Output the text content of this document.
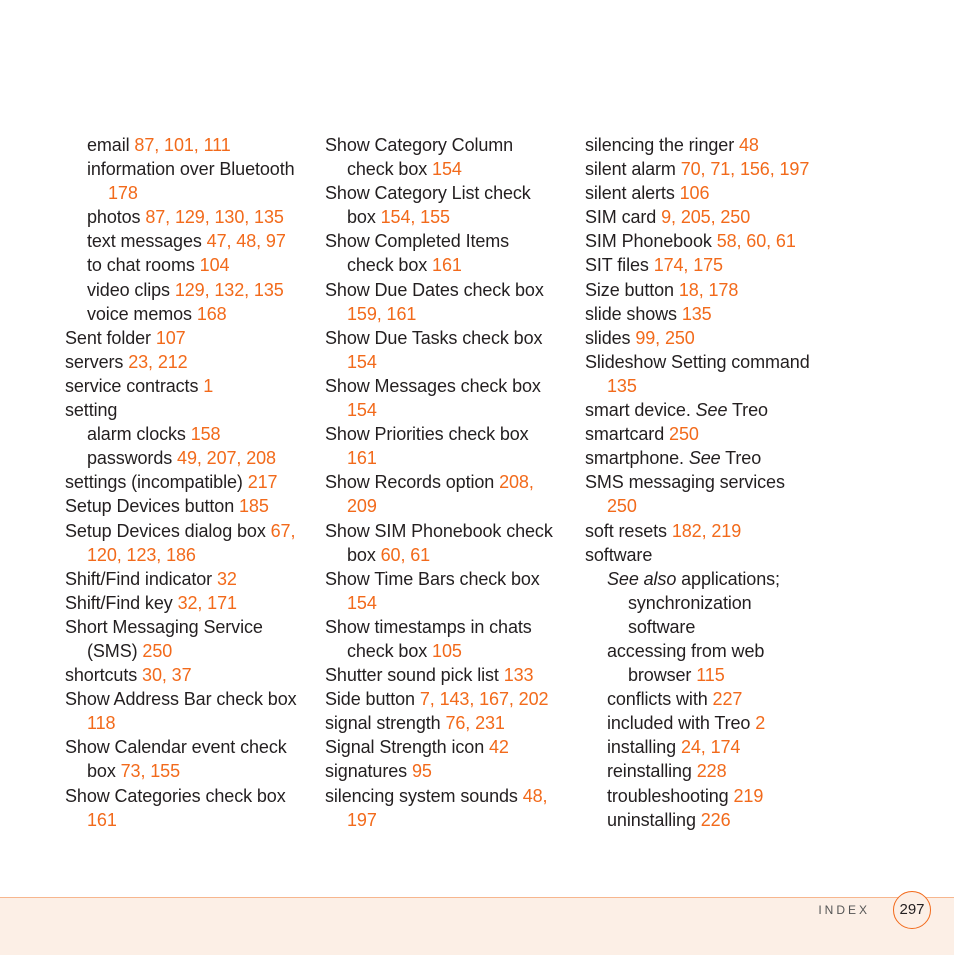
email 87, 101, 111
information over Bluetooth
178
photos 87, 129, 130, 135
text messages 47, 48, 97
to chat rooms 104
video clips 129, 132, 135
voice memos 168
Sent folder 107
servers 23, 212
service contracts 1
setting
alarm clocks 158
passwords 49, 207, 208
settings (incompatible) 217
Setup Devices button 185
Setup Devices dialog box 67,
120, 123, 186
Shift/Find indicator 32
Shift/Find key 32, 171
Short Messaging Service
(SMS) 250
shortcuts 30, 37
Show Address Bar check box
118
Show Calendar event check
box 73, 155
Show Categories check box
161
Show Category Column
check box 154
Show Category List check
box 154, 155
Show Completed Items
check box 161
Show Due Dates check box
159, 161
Show Due Tasks check box
154
Show Messages check box
154
Show Priorities check box
161
Show Records option 208,
209
Show SIM Phonebook check
box 60, 61
Show Time Bars check box
154
Show timestamps in chats
check box 105
Shutter sound pick list 133
Side button 7, 143, 167, 202
signal strength 76, 231
Signal Strength icon 42
signatures 95
silencing system sounds 48,
197
silencing the ringer 48
silent alarm 70, 71, 156, 197
silent alerts 106
SIM card 9, 205, 250
SIM Phonebook 58, 60, 61
SIT files 174, 175
Size button 18, 178
slide shows 135
slides 99, 250
Slideshow Setting command
135
smart device. See Treo
smartcard 250
smartphone. See Treo
SMS messaging services
250
soft resets 182, 219
software
See also applications;
synchronization
software
accessing from web
browser 115
conflicts with 227
included with Treo 2
installing 24, 174
reinstalling 228
troubleshooting 219
uninstalling 226
INDEX	297
